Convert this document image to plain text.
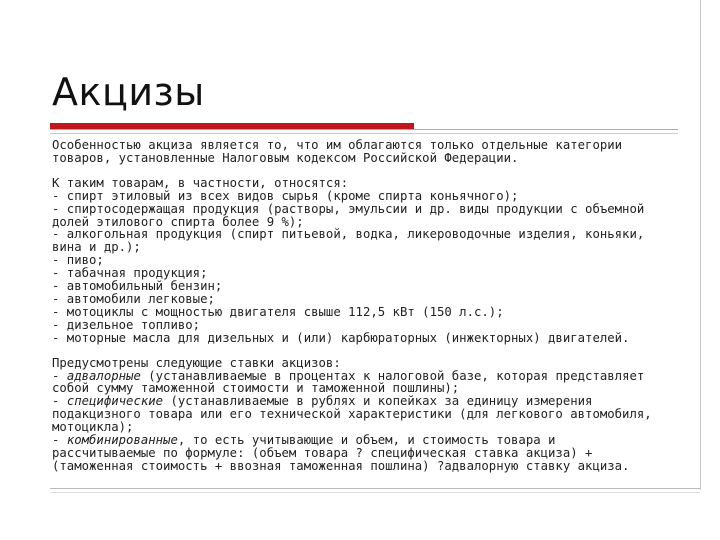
Акцизы
Особенностью акциза является то, что им облагаются только отдельные категории
товаров, установленные Налоговым кодексом Российской Федерации.
К таким товарам, в частности, относятся:
- спирт этиловый из всех видов сырья (кроме спирта коньячного);
- спиртосодержащая продукция (растворы, эмульсии и др. виды продукции с объемной
долей этилового спирта более 9 %);
- алкогольная продукция (спирт питьевой, водка, ликероводочные изделия, коньяки,
вина и др.);
- пиво;
- табачная продукция;
- автомобильный бензин;
- автомобили легковые;
- мотоциклы с мощностью двигателя свыше 112,5 кВт (150 л.с.);
- дизельное топливо;
- моторные масла для дизельных и (или) карбюраторных (инжекторных) двигателей.
Предусмотрены следующие ставки акцизов:
- адвалорные (устанавливаемые в процентах к налоговой базе, которая представляет
собой сумму таможенной стоимости и таможенной пошлины);
- специфические (устанавливаемые в рублях и копейках за единицу измерения
подакцизного товара или его технической характеристики (для легкового автомобиля,
мотоцикла);
- комбинированные, то есть учитывающие и объем, и стоимость товара и
рассчитываемые по формуле: (объем товара ? специфическая ставка акциза) +
(таможенная стоимость + ввозная таможенная пошлина) ?адвалорную ставку акциза.
